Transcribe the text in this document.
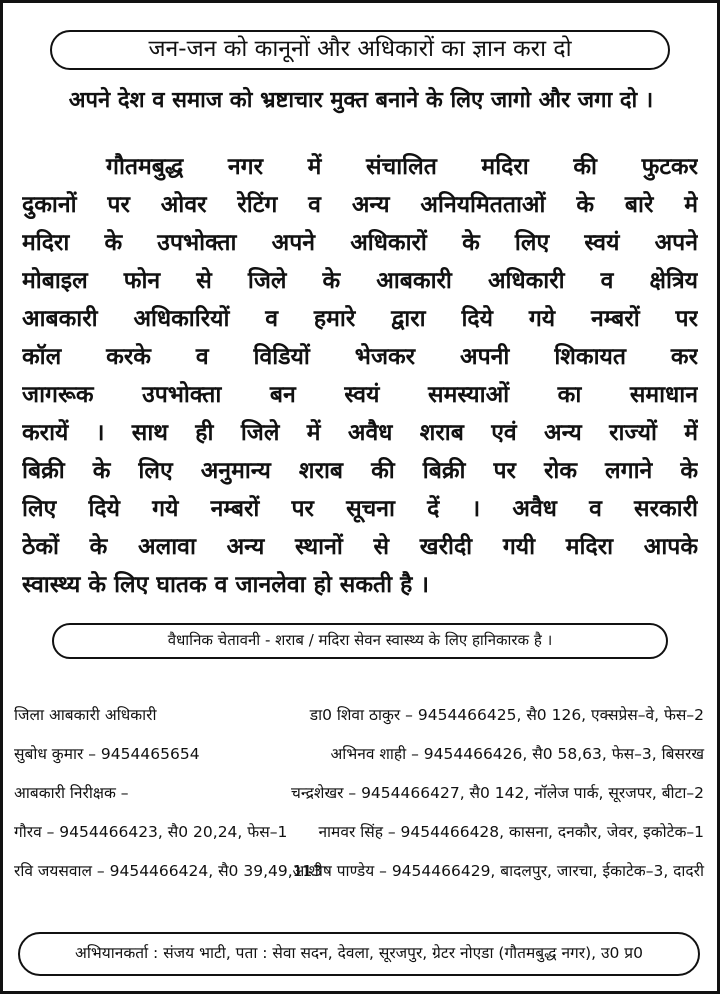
जन-जन को कानूनों और अधिकारों का ज्ञान करा दो
अपने देश व समाज को भ्रष्टाचार मुक्त बनाने के लिए जागो और जगा दो ।
गौतमबुद्ध नगर में संचालित मदिरा की फुटकर
दुकानों पर ओवर रेटिंग व अन्य अनियमितताओं के बारे मे
मदिरा के उपभोक्ता अपने अधिकारों के लिए स्वयं अपने
मोबाइल फोन से जिले के आबकारी अधिकारी व क्षेत्रिय
आबकारी अधिकारियों व हमारे द्वारा दिये गये नम्बरों पर
कॉल करके व विडियों भेजकर अपनी शिकायत कर
जागरूक उपभोक्ता बन स्वयं समस्याओं का समाधान
करायें । साथ ही जिले में अवैध शराब एवं अन्य राज्यों में
बिक्री के लिए अनुमान्य शराब की बिक्री पर रोक लगाने के
लिए दिये गये नम्बरों पर सूचना दें । अवैध व सरकारी
ठेकों के अलावा अन्य स्थानों से खरीदी गयी मदिरा आपके
स्वास्थ्य के लिए घातक व जानलेवा हो सकती है ।
वैधानिक चेतावनी - शराब / मदिरा सेवन स्वास्थ्य के लिए हानिकारक है ।
जिला आबकारी अधिकारी
सुबोध कुमार – 9454465654
आबकारी निरीक्षक –
गौरव – 9454466423, सै0 20,24, फेस–1
रवि जयसवाल – 9454466424, सै0 39,49,113
डा0 शिवा ठाकुर – 9454466425, सै0 126, एक्सप्रेस–वे, फेस–2
अभिनव शाही – 9454466426, सै0 58,63, फेस–3, बिसरख
चन्द्रशेखर – 9454466427, सै0 142, नॉलेज पार्क, सूरजपर, बीटा–2
नामवर सिंह – 9454466428, कासना, दनकौर, जेवर, इकोटेक–1
आशीष पाण्डेय – 9454466429, बादलपुर, जारचा, ईकाटेक–3, दादरी
अभियानकर्ता : संजय भाटी, पता : सेवा सदन, देवला, सूरजपुर, ग्रेटर नोएडा (गौतमबुद्ध नगर), उ0 प्र0
